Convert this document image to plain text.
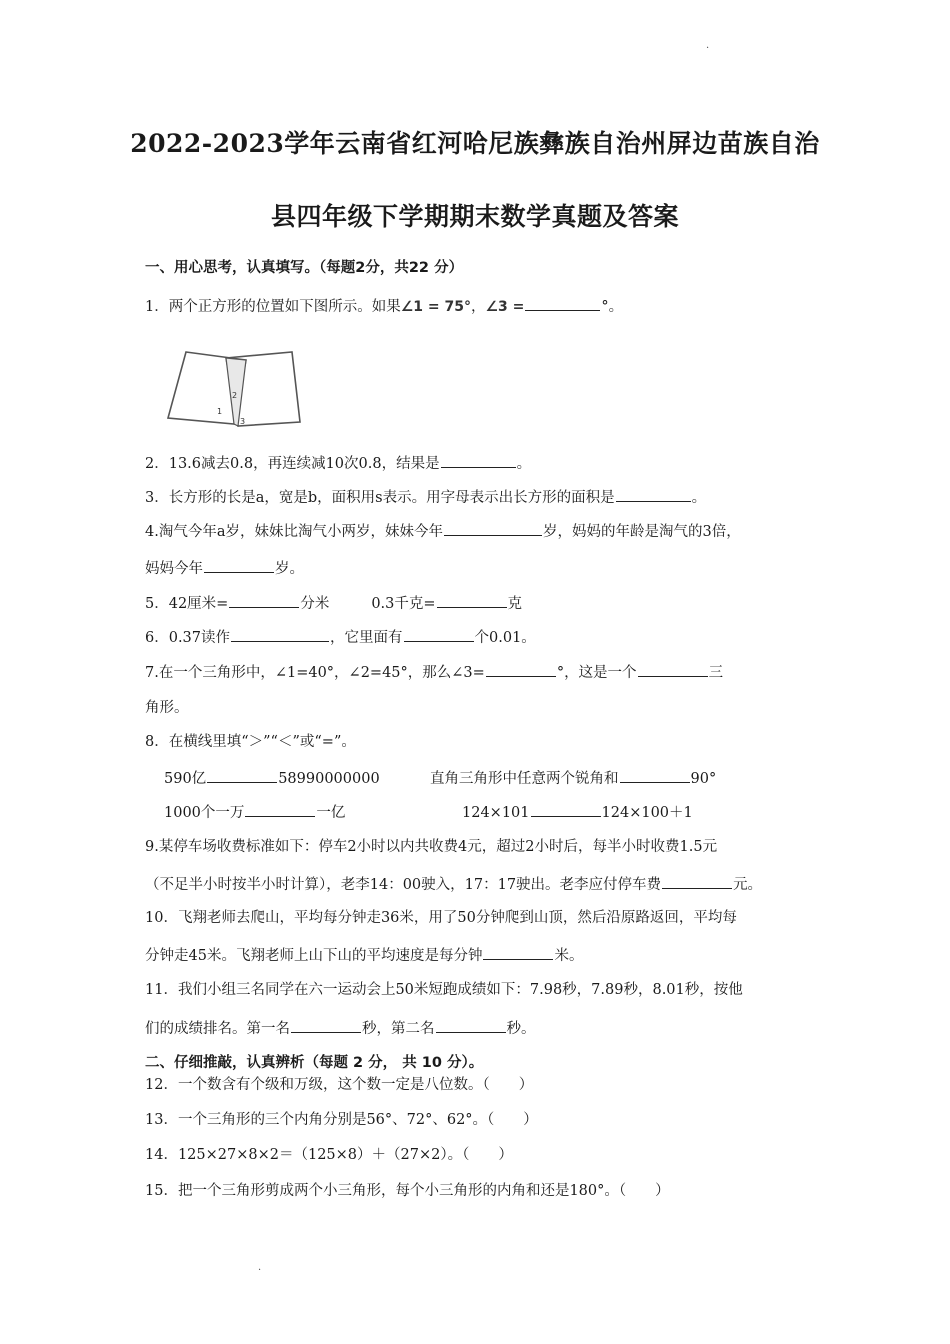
·
2022-2023学年云南省红河哈尼族彝族自治州屏边苗族自治
县四年级下学期期末数学真题及答案
一、用心思考，认真填写。（每题2分，共22 分）
1．两个正方形的位置如下图所示。如果∠1 = 75°，∠3 =	°。
1
2
3
2．13.6减去0.8，再连续减10次0.8，结果是	。
3．长方形的长是a，宽是b，面积用s表示。用字母表示出长方形的面积是	。
4.淘气今年a岁，妹妹比淘气小两岁，妹妹今年	岁，妈妈的年龄是淘气的3倍，
妈妈今年	岁。
5．42厘米=	分米	0.3千克=	克
6．0.37读作	，它里面有	个0.01。
7.在一个三角形中，∠1=40°，∠2=45°，那么∠3=	°，这是一个	三
角形。
8．在横线里填“＞”“＜”或“=”。
590亿	58990000000	直角三角形中任意两个锐角和	90°
1000个一万	一亿	124×101	124×100＋1
9.某停车场收费标准如下：停车2小时以内共收费4元，超过2小时后，每半小时收费1.5元
（不足半小时按半小时计算），老李14：00驶入，17：17驶出。老李应付停车费	元。
10．飞翔老师去爬山，平均每分钟走36米，用了50分钟爬到山顶，然后沿原路返回，平均每
分钟走45米。飞翔老师上山下山的平均速度是每分钟	米。
11．我们小组三名同学在六一运动会上50米短跑成绩如下：7.98秒，7.89秒，8.01秒，按他
们的成绩排名。第一名	秒，第二名	秒。
二、仔细推敲，认真辨析（每题 2 分， 共 10 分）。
12．一个数含有个级和万级，这个数一定是八位数。（　　）
13．一个三角形的三个内角分别是56°、72°、62°。（　　）
14．125×27×8×2＝（125×8）＋（27×2）。（　　）
15．把一个三角形剪成两个小三角形，每个小三角形的内角和还是180°。（　　）
·
